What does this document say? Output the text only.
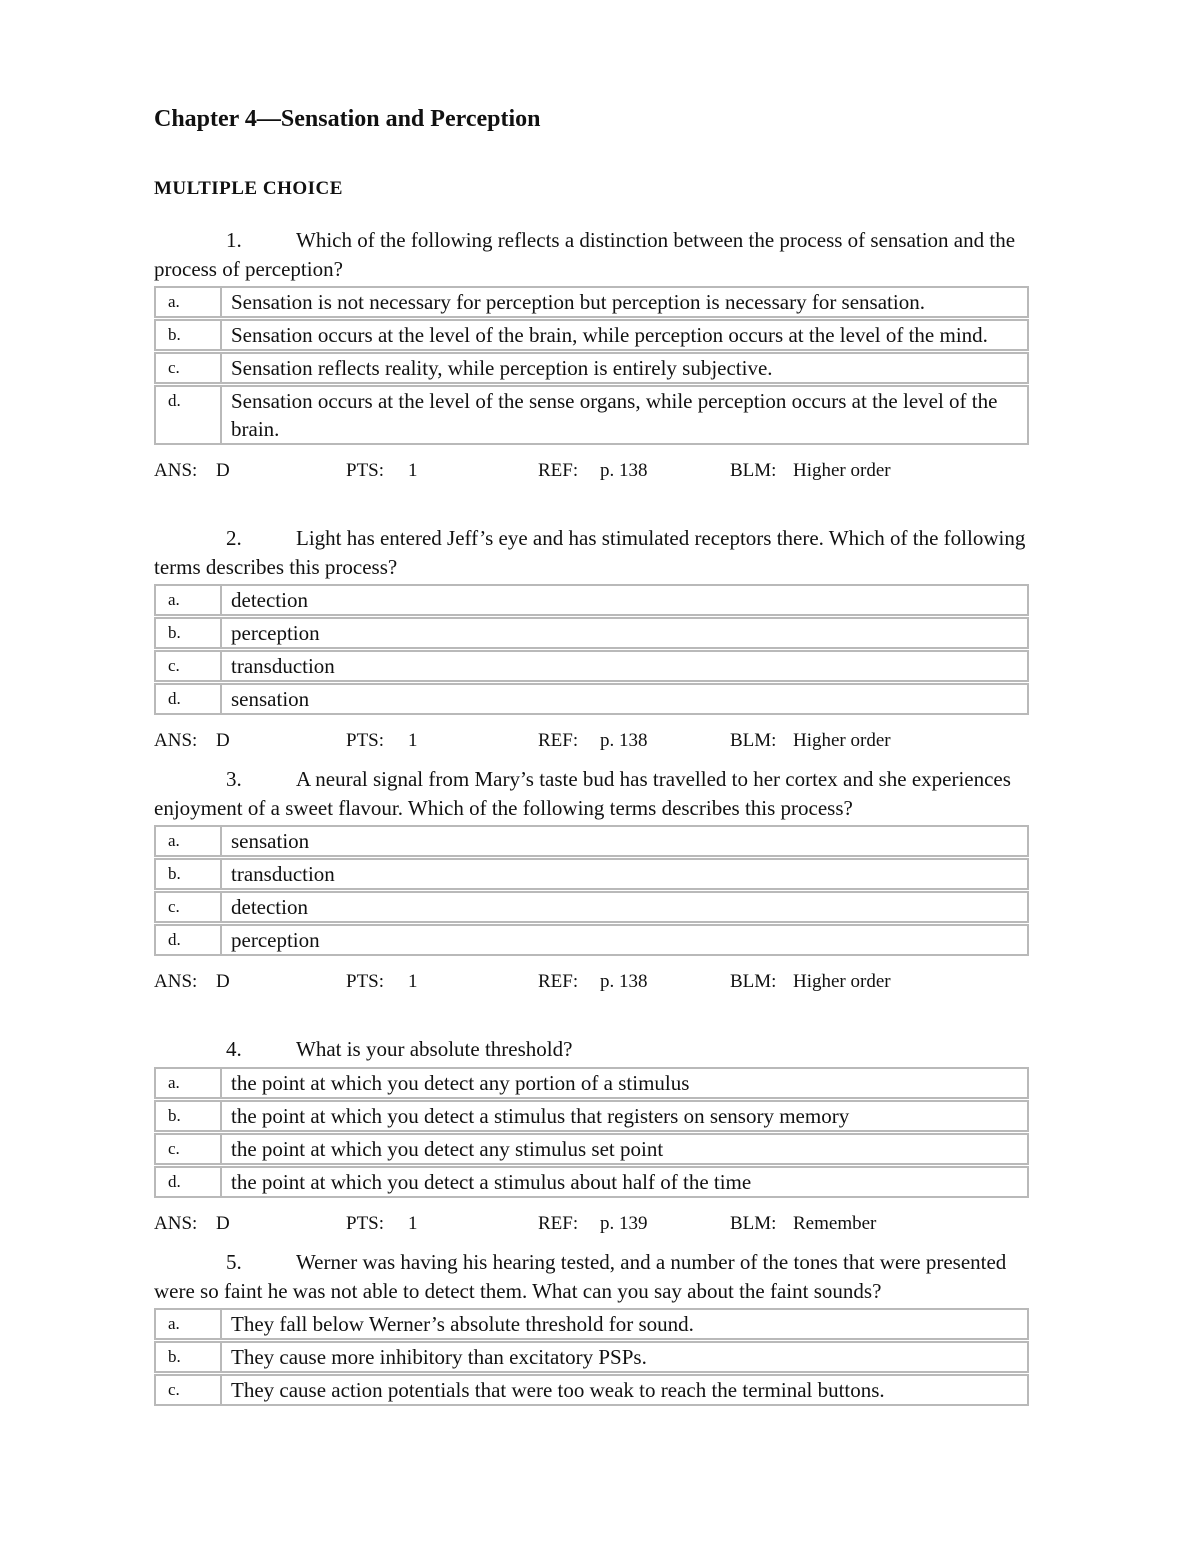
Chapter 4—Sensation and Perception
MULTIPLE CHOICE
1.	Which of the following reflects a distinction between the process of sensation and the process of perception?
a.	Sensation is not necessary for perception but perception is necessary for sensation.
b.	Sensation occurs at the level of the brain, while perception occurs at the level of the mind.
c.	Sensation reflects reality, while perception is entirely subjective.
d.	Sensation occurs at the level of the sense organs, while perception occurs at the level of the brain.
ANS: D	PTS: 1	REF: p. 138	BLM: Higher order
2.	Light has entered Jeff’s eye and has stimulated receptors there. Which of the following terms describes this process?
a.	detection
b.	perception
c.	transduction
d.	sensation
ANS: D	PTS: 1	REF: p. 138	BLM: Higher order
3.	A neural signal from Mary’s taste bud has travelled to her cortex and she experiences enjoyment of a sweet flavour. Which of the following terms describes this process?
a.	sensation
b.	transduction
c.	detection
d.	perception
ANS: D	PTS: 1	REF: p. 138	BLM: Higher order
4.	What is your absolute threshold?
a.	the point at which you detect any portion of a stimulus
b.	the point at which you detect a stimulus that registers on sensory memory
c.	the point at which you detect any stimulus set point
d.	the point at which you detect a stimulus about half of the time
ANS: D	PTS: 1	REF: p. 139	BLM: Remember
5.	Werner was having his hearing tested, and a number of the tones that were presented were so faint he was not able to detect them. What can you say about the faint sounds?
a.	They fall below Werner’s absolute threshold for sound.
b.	They cause more inhibitory than excitatory PSPs.
c.	They cause action potentials that were too weak to reach the terminal buttons.
